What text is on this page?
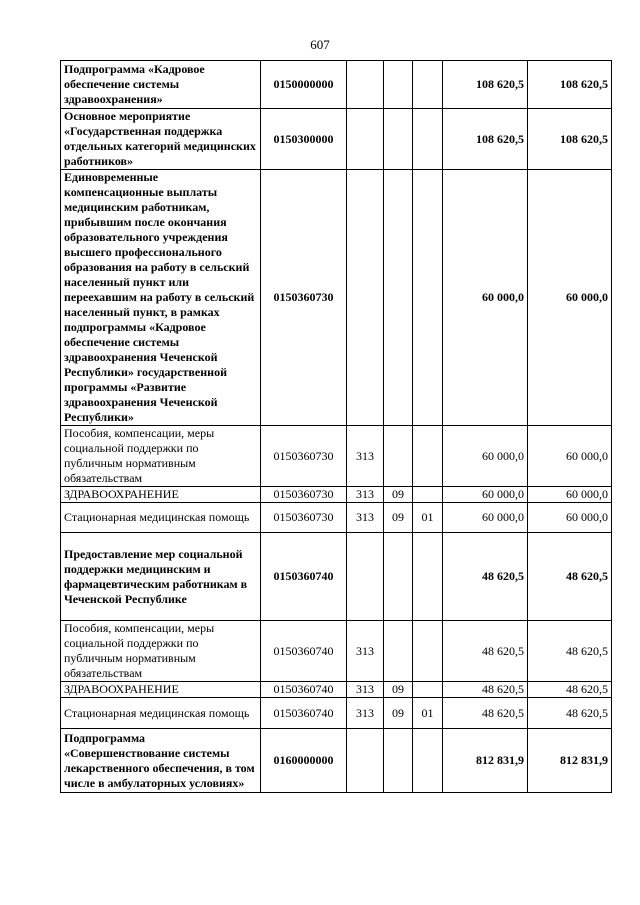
607
Подпрограмма «Кадровое обеспечение системы здравоохранения»	0150000000				108 620,5	108 620,5
Основное мероприятие «Государственная поддержка отдельных категорий медицинских работников»	0150300000				108 620,5	108 620,5
Единовременные компенсационные выплаты медицинским работникам, прибывшим после окончания образовательного учреждения высшего профессионального образования на работу в сельский населенный пункт или переехавшим на работу в сельский населенный пункт, в рамках подпрограммы «Кадровое обеспечение системы здравоохранения Чеченской Республики» государственной программы «Развитие здравоохранения Чеченской Республики»	0150360730				60 000,0	60 000,0
Пособия, компенсации, меры социальной поддержки по публичным нормативным обязательствам	0150360730	313			60 000,0	60 000,0
ЗДРАВООХРАНЕНИЕ	0150360730	313	09		60 000,0	60 000,0
Стационарная медицинская помощь	0150360730	313	09	01	60 000,0	60 000,0
Предоставление мер социальной поддержки медицинским и фармацевтическим работникам в Чеченской Республике	0150360740				48 620,5	48 620,5
Пособия, компенсации, меры социальной поддержки по публичным нормативным обязательствам	0150360740	313			48 620,5	48 620,5
ЗДРАВООХРАНЕНИЕ	0150360740	313	09		48 620,5	48 620,5
Стационарная медицинская помощь	0150360740	313	09	01	48 620,5	48 620,5
Подпрограмма «Совершенствование системы лекарственного обеспечения, в том числе в амбулаторных условиях»	0160000000				812 831,9	812 831,9
